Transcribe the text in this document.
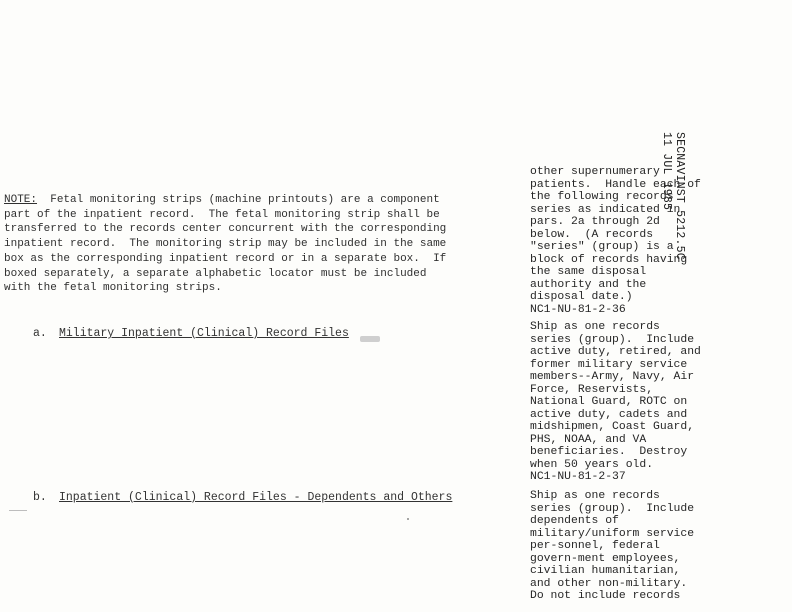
SECNAVINST 5212.5C
11 JUL 1985
NOTE:  Fetal monitoring strips (machine printouts) are a component
part of the inpatient record.  The fetal monitoring strip shall be
transferred to the records center concurrent with the corresponding
inpatient record.  The monitoring strip may be included in the same
box as the corresponding inpatient record or in a separate box.  If
boxed separately, a separate alphabetic locator must be included
with the fetal monitoring strips.
a. Military Inpatient (Clinical) Record Files
b. Inpatient (Clinical) Record Files - Dependents and Others
other supernumerary
patients.  Handle each of
the following records
series as indicated in
pars. 2a through 2d
below.  (A records
"series" (group) is a
block of records having
the same disposal
authority and the
disposal date.)
NC1-NU-81-2-36
Ship as one records
series (group).  Include
active duty, retired, and
former military service
members--Army, Navy, Air
Force, Reservists,
National Guard, ROTC on
active duty, cadets and
midshipmen, Coast Guard,
PHS, NOAA, and VA
beneficiaries.  Destroy
when 50 years old.
NC1-NU-81-2-37
Ship as one records
series (group).  Include
dependents of
military/uniform service
per-sonnel, federal
govern-ment employees,
civilian humanitarian,
and other non-military.
Do not include records
